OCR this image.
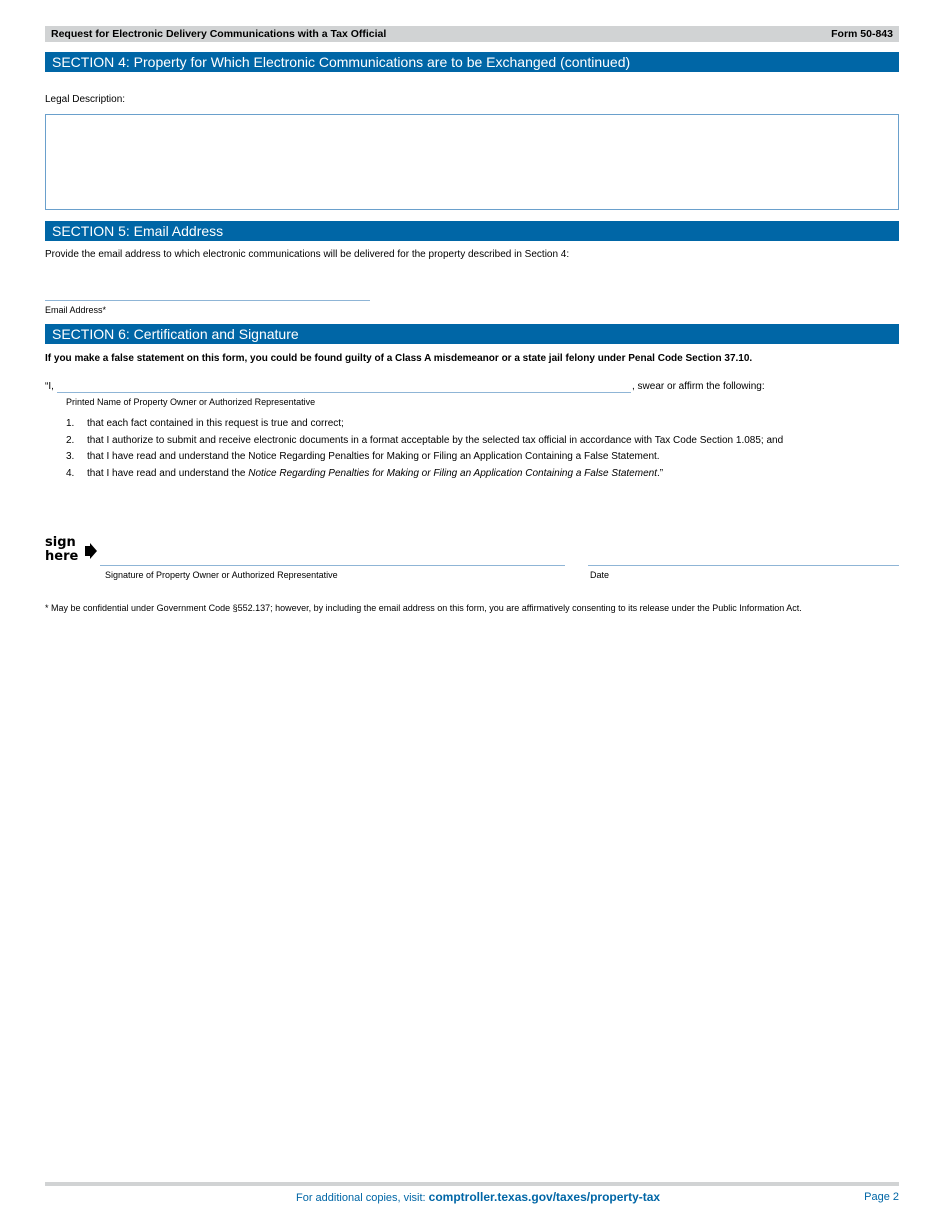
Request for Electronic Delivery Communications with a Tax Official	Form 50-843
SECTION 4: Property for Which Electronic Communications are to be Exchanged (continued)
Legal Description:
SECTION 5: Email Address
Provide the email address to which electronic communications will be delivered for the property described in Section 4:
Email Address*
SECTION 6: Certification and Signature
If you make a false statement on this form, you could be found guilty of a Class A misdemeanor or a state jail felony under Penal Code Section 37.10.
“I,	, swear or affirm the following:
Printed Name of Property Owner or Authorized Representative
1. that each fact contained in this request is true and correct;
2. that I authorize to submit and receive electronic documents in a format acceptable by the selected tax official in accordance with Tax Code Section 1.085; and
3. that I have read and understand the Notice Regarding Penalties for Making or Filing an Application Containing a False Statement.
4. that I have read and understand the Notice Regarding Penalties for Making or Filing an Application Containing a False Statement.”
sign
here
Signature of Property Owner or Authorized Representative	Date
* May be confidential under Government Code §552.137; however, by including the email address on this form, you are affirmatively consenting to its release under the Public Information Act.
For additional copies, visit: comptroller.texas.gov/taxes/property-tax	Page 2
